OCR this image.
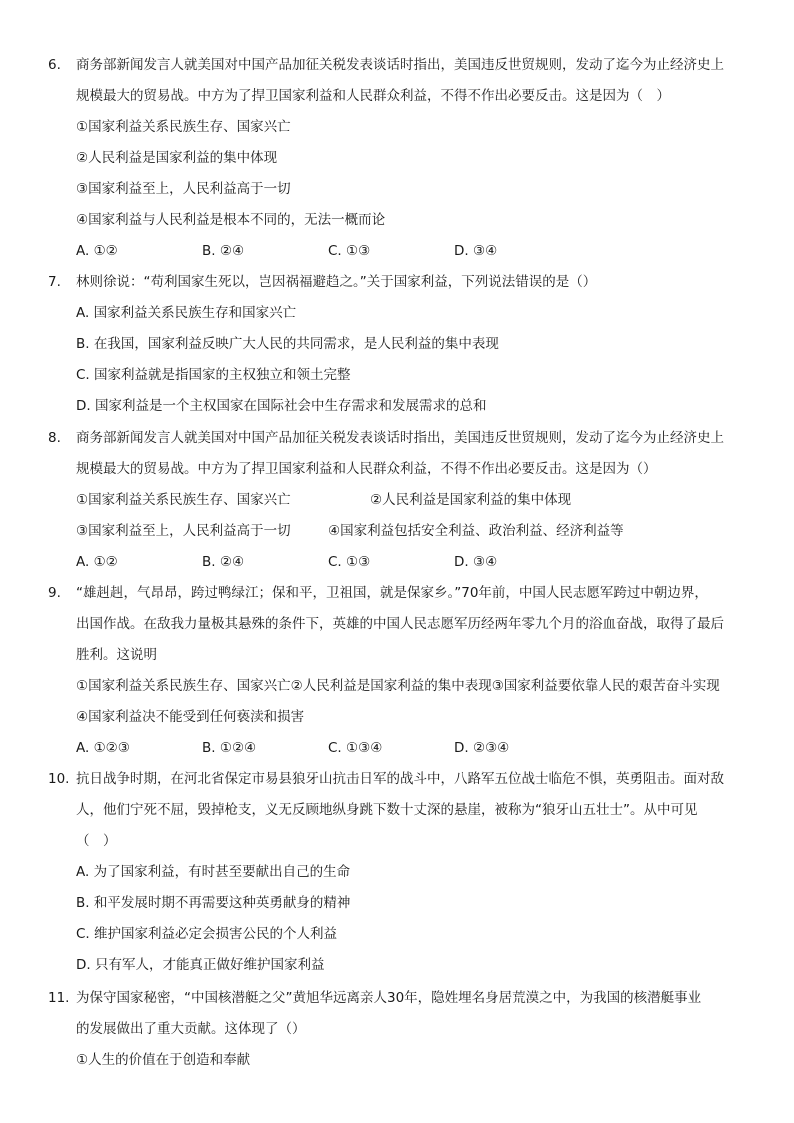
6.	商务部新闻发言人就美国对中国产品加征关税发表谈话时指出，美国违反世贸规则，发动了迄今为止经济史上
规模最大的贸易战。中方为了捍卫国家利益和人民群众利益，不得不作出必要反击。这是因为（　）
①国家利益关系民族生存、国家兴亡
②人民利益是国家利益的集中体现
③国家利益至上，人民利益高于一切
④国家利益与人民利益是根本不同的，无法一概而论
A. ①②	B. ②④	C. ①③	D. ③④
7.	林则徐说：“苟利国家生死以，岂因祸福避趋之。”关于国家利益，下列说法错误的是（）
A. 国家利益关系民族生存和国家兴亡
B. 在我国，国家利益反映广大人民的共同需求，是人民利益的集中表现
C. 国家利益就是指国家的主权独立和领土完整
D. 国家利益是一个主权国家在国际社会中生存需求和发展需求的总和
8.	商务部新闻发言人就美国对中国产品加征关税发表谈话时指出，美国违反世贸规则，发动了迄今为止经济史上
规模最大的贸易战。中方为了捍卫国家利益和人民群众利益，不得不作出必要反击。这是因为（）
①国家利益关系民族生存、国家兴亡	②人民利益是国家利益的集中体现
③国家利益至上，人民利益高于一切	④国家利益包括安全利益、政治利益、经济利益等
A. ①②	B. ②④	C. ①③	D. ③④
9.	“雄赳赳，气昂昂，跨过鸭绿江；保和平，卫祖国，就是保家乡。”70年前，中国人民志愿军跨过中朝边界，
出国作战。在敌我力量极其悬殊的条件下，英雄的中国人民志愿军历经两年零九个月的浴血奋战，取得了最后
胜利。这说明
①国家利益关系民族生存、国家兴亡②人民利益是国家利益的集中表现③国家利益要依靠人民的艰苦奋斗实现
④国家利益决不能受到任何亵渎和损害
A. ①②③	B. ①②④	C. ①③④	D. ②③④
10. 抗日战争时期，在河北省保定市易县狼牙山抗击日军的战斗中，八路军五位战士临危不惧，英勇阻击。面对敌
人，他们宁死不屈，毁掉枪支，义无反顾地纵身跳下数十丈深的悬崖，被称为“狼牙山五壮士”。从中可见
（　）
A. 为了国家利益，有时甚至要献出自己的生命
B. 和平发展时期不再需要这种英勇献身的精神
C. 维护国家利益必定会损害公民的个人利益
D. 只有军人，才能真正做好维护国家利益
11. 为保守国家秘密，“中国核潜艇之父”黄旭华远离亲人30年，隐姓埋名身居荒漠之中，为我国的核潜艇事业
的发展做出了重大贡献。这体现了（）
①人生的价值在于创造和奉献
